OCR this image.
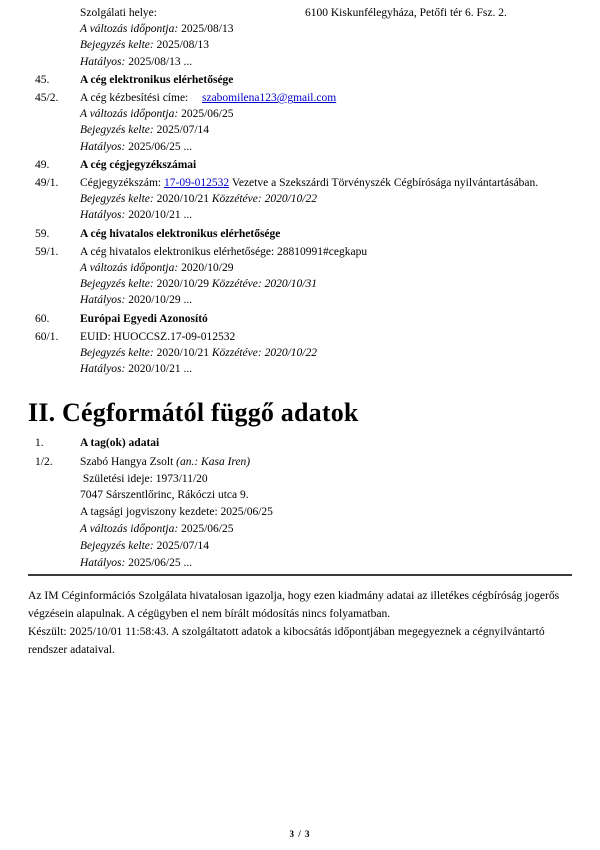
Szolgálati helye:	6100 Kiskunfélegyháza, Petőfi tér 6. Fsz. 2.
A változás időpontja: 2025/08/13
Bejegyzés kelte: 2025/08/13
Hatályos: 2025/08/13 ...
45.	A cég elektronikus elérhetősége
45/2.	A cég kézbesítési címe: szabomilena123@gmail.com
A változás időpontja: 2025/06/25
Bejegyzés kelte: 2025/07/14
Hatályos: 2025/06/25 ...
49.	A cég cégjegyzékszámai
49/1.	Cégjegyzékszám: 17-09-012532 Vezetve a Szekszárdi Törvényszék Cégbírósága nyilvántartásában.
Bejegyzés kelte: 2020/10/21 Közzétéve: 2020/10/22
Hatályos: 2020/10/21 ...
59.	A cég hivatalos elektronikus elérhetősége
59/1.	A cég hivatalos elektronikus elérhetősége: 28810991#cegkapu
A változás időpontja: 2020/10/29
Bejegyzés kelte: 2020/10/29 Közzétéve: 2020/10/31
Hatályos: 2020/10/29 ...
60.	Európai Egyedi Azonosító
60/1.	EUID: HUOCCSZ.17-09-012532
Bejegyzés kelte: 2020/10/21 Közzétéve: 2020/10/22
Hatályos: 2020/10/21 ...
II. Cégformától függő adatok
1.	A tag(ok) adatai
1/2.	Szabó Hangya Zsolt (an.: Kasa Iren)
Születési ideje: 1973/11/20
7047 Sárszentlőrinc, Rákóczi utca 9.
A tagsági jogviszony kezdete: 2025/06/25
A változás időpontja: 2025/06/25
Bejegyzés kelte: 2025/07/14
Hatályos: 2025/06/25 ...

Az IM Céginformációs Szolgálata hivatalosan igazolja, hogy ezen kiadmány adatai az illetékes cégbíróság jogerős végzésein alapulnak. A cégügyben el nem bírált módosítás nincs folyamatban.

Készült: 2025/10/01 11:58:43. A szolgáltatott adatok a kibocsátás időpontjában megegyeznek a cégnyilvántartó rendszer adataival.

3 / 3
